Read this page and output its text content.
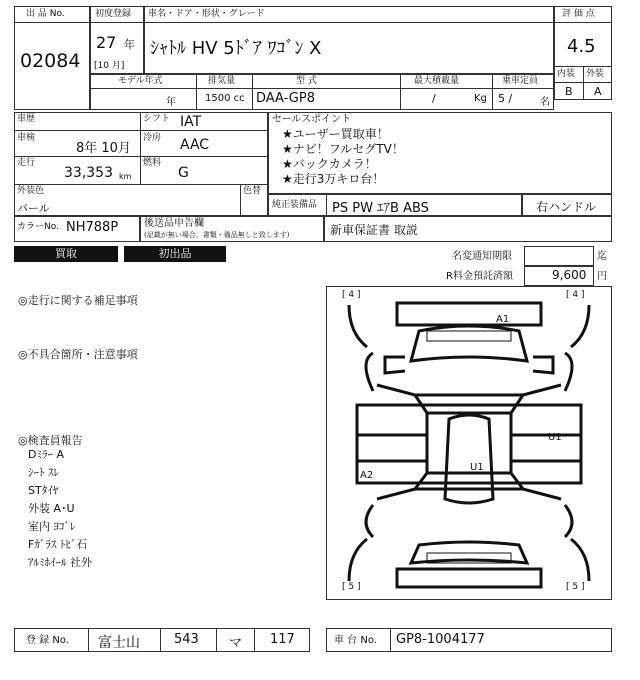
出 品 No.
02084
初度登録
27 年
[10 月]
車名・ドア・形状・グレード
ｼｬﾄﾙ HV 5ﾄﾞｱ ﾜｺﾞﾝ X
評 価 点
4.5
内装 外装
B A
モデル年式
年
排気量
1500 cc
型 式
DAA-GP8
最大積載量
/	Kg
乗車定員
5 /	名
車歴	シフト IAT
車検
8年 10月
冷房 AAC
走行
33,353 km
燃料
G
外装色
パール
色替
カラーNo. NH788P	後送品申告欄
(記載が無い場合、書類・備品無しと致します)
セールスポイント
★ユーザー買取車！
★ナビ！フルセグTV！
★バックカメラ！
★走行3万キロ台！
純正装備品 PS PW ｴｱB ABS	右ハンドル
新車保証書 取説
買取	初出品	名変通知期限	迄
R料金預託済額	9,600 円
◎走行に関する補足事項
◎不具合箇所・注意事項
◎検査員報告
Dﾐﾗｰ A
ｼｰﾄ ｽﾚ
STﾀｲﾔ
外装 A･U
室内 ﾖｺﾞﾚ
Fｶﾞﾗｽ ﾄﾋﾞ石
ｱﾙﾐﾎｲｰﾙ 社外
[ 4 ]	[ 4 ]
[ 5 ]	[ 5 ]
A1
U1
U1
A2
登 録 No. 富士山	543 マ 117	車 台 No. GP8-1004177
